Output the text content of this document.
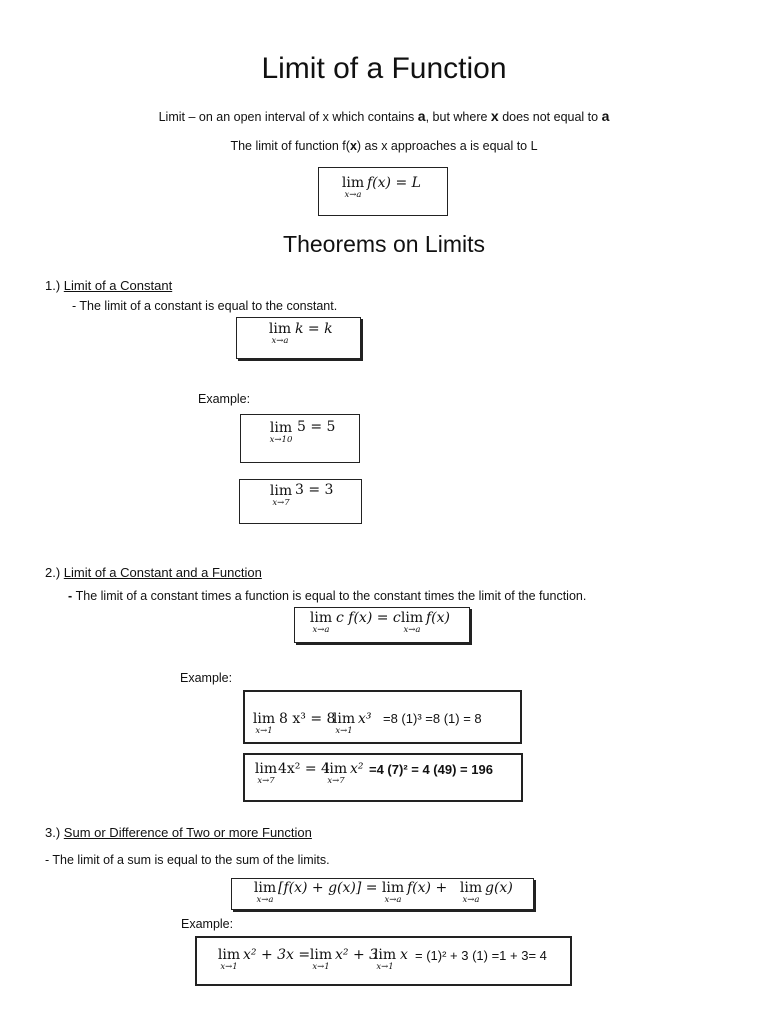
Limit of a Function
Limit – on an open interval of x which contains a, but where x does not equal to a
The limit of function f(x) as x approaches a is equal to L
lim
x→a
f(x) = L
Theorems on Limits
1.) Limit of a Constant
- The limit of a constant is equal to the constant.
lim
x→a
k = k
Example:
lim
x→10
5 = 5
lim
x→7
3 = 3
2.) Limit of a Constant and a Function
- The limit of a constant times a function is equal to the constant times the limit of the function.
lim
x→a
c f(x) = c lim
x→a
f(x)
Example:
lim
x→1
8 x³ = 8
lim
x→1
x³ =8 (1)³ =8 (1) = 8
lim
x→7
4x² = 4
lim
x→7
x² =4 (7)² = 4 (49) = 196
3.) Sum or Difference of Two or more Function
- The limit of a sum is equal to the sum of the limits.
lim
x→a
[f(x) + g(x)] = lim
x→a
f(x) + lim
x→a
g(x)
Example:
lim
x→1
x² + 3x = lim
x→1
x² + 3
lim
x→1
x = (1)² + 3 (1) =1 + 3= 4
